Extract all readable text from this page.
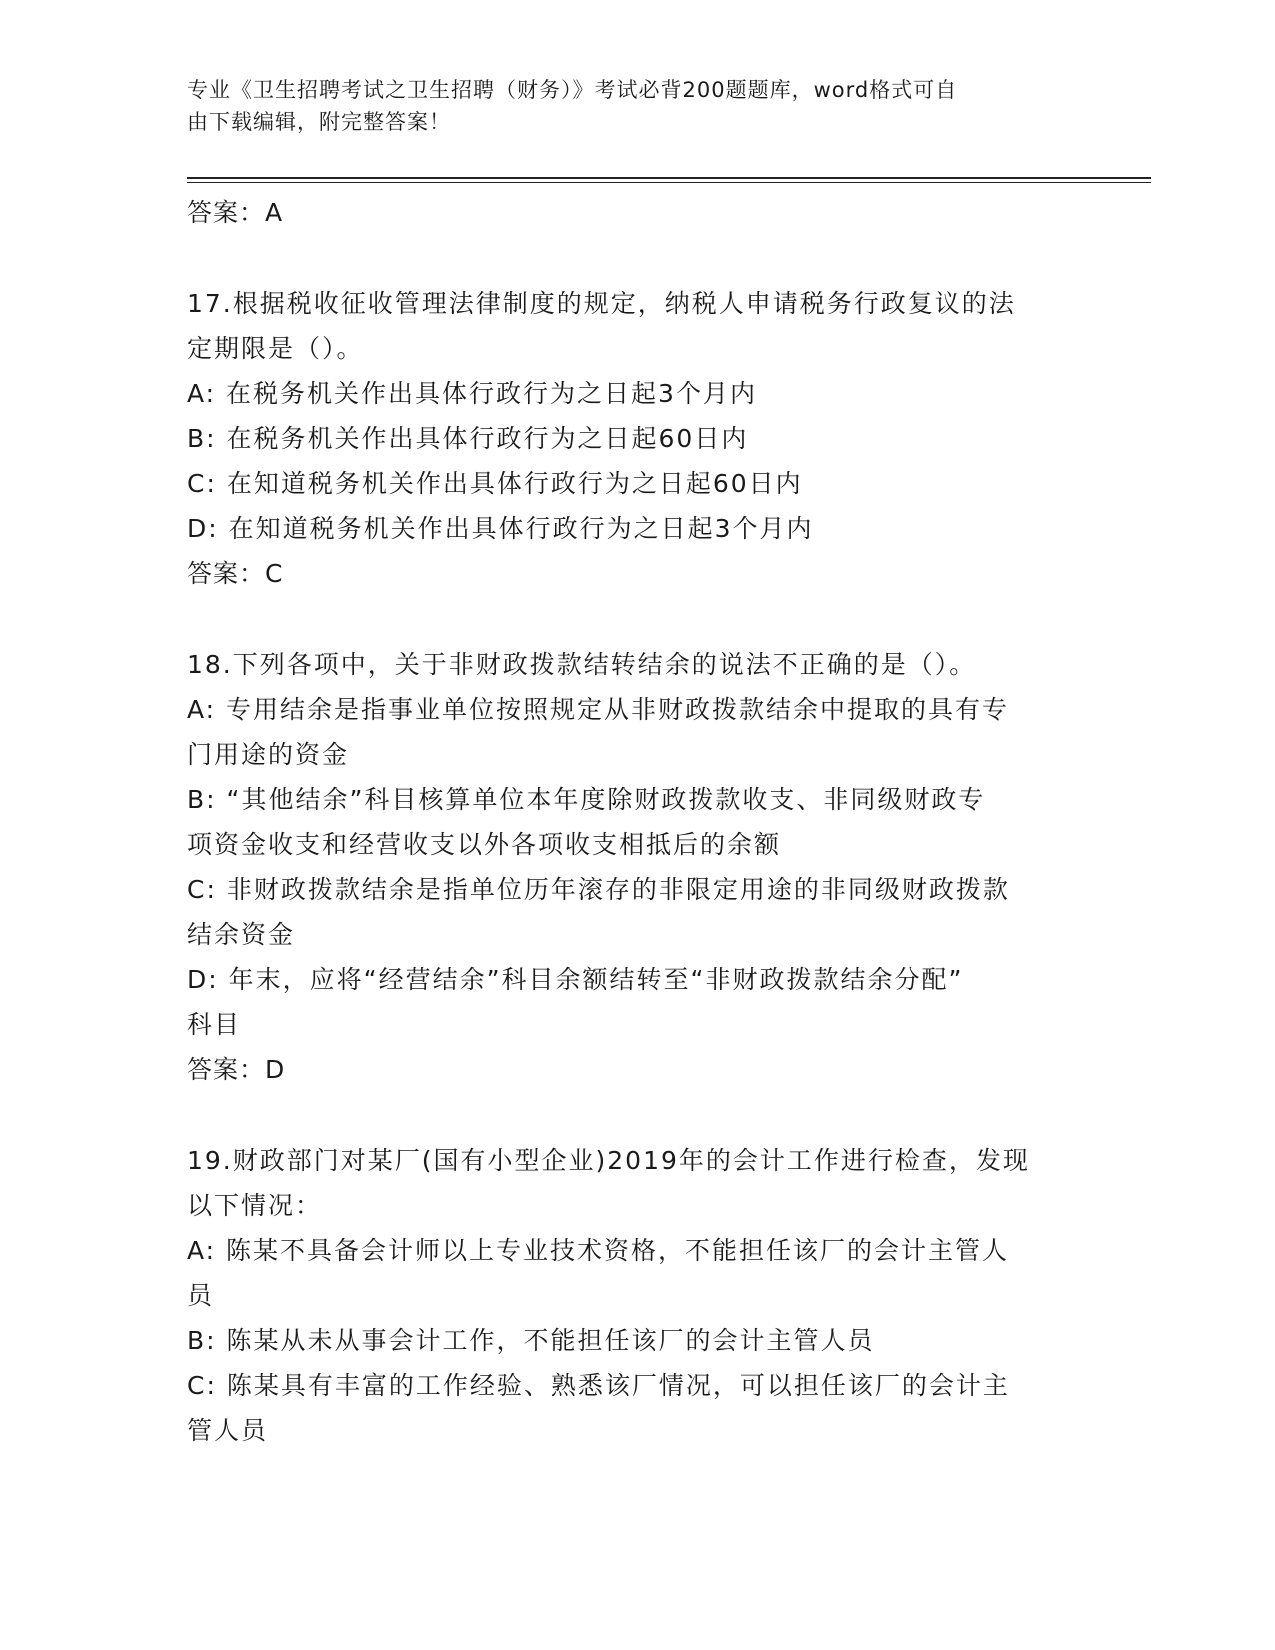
专业《卫生招聘考试之卫生招聘（财务）》考试必背200题题库，word格式可自
由下载编辑，附完整答案！
答案：A
17.根据税收征收管理法律制度的规定，纳税人申请税务行政复议的法
定期限是（）。
A: 在税务机关作出具体行政行为之日起3个月内
B: 在税务机关作出具体行政行为之日起60日内
C: 在知道税务机关作出具体行政行为之日起60日内
D: 在知道税务机关作出具体行政行为之日起3个月内
答案：C
18.下列各项中，关于非财政拨款结转结余的说法不正确的是（）。
A: 专用结余是指事业单位按照规定从非财政拨款结余中提取的具有专
门用途的资金
B: “其他结余”科目核算单位本年度除财政拨款收支、非同级财政专
项资金收支和经营收支以外各项收支相抵后的余额
C: 非财政拨款结余是指单位历年滚存的非限定用途的非同级财政拨款
结余资金
D: 年末，应将“经营结余”科目余额结转至“非财政拨款结余分配”
科目
答案：D
19.财政部门对某厂(国有小型企业)2019年的会计工作进行检查，发现
以下情况：
A: 陈某不具备会计师以上专业技术资格，不能担任该厂的会计主管人
员
B: 陈某从未从事会计工作，不能担任该厂的会计主管人员
C: 陈某具有丰富的工作经验、熟悉该厂情况，可以担任该厂的会计主
管人员
